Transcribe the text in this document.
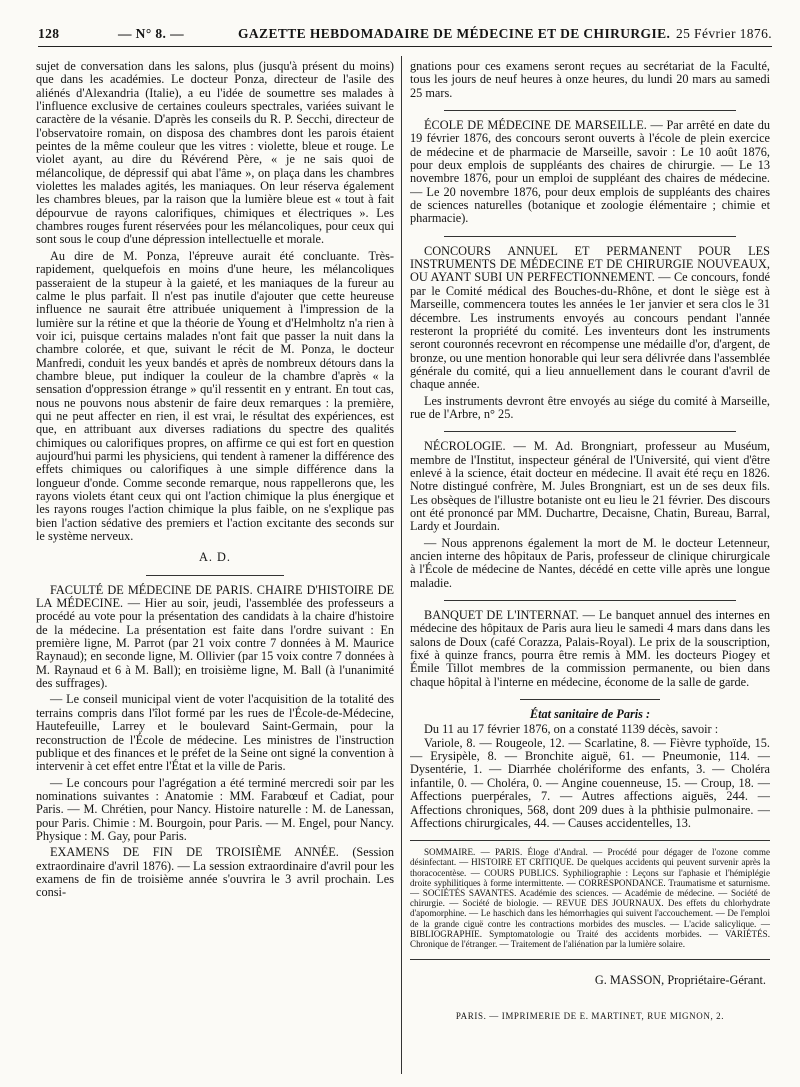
128	— N° 8. —	GAZETTE HEBDOMADAIRE DE MÉDECINE ET DE CHIRURGIE. 25 Février 1876.

sujet de conversation dans les salons, plus (jusqu'à présent du moins) que dans les académies. Le docteur Ponza, directeur de l'asile des aliénés d'Alexandria (Italie), a eu l'idée de soumettre ses malades à l'influence exclusive de certaines couleurs spectrales, variées suivant le caractère de la vésanie. D'après les conseils du R. P. Secchi, directeur de l'observatoire romain, on disposa des chambres dont les parois étaient peintes de la même couleur que les vitres : violette, bleue et rouge. Le violet ayant, au dire du Révérend Père, « je ne sais quoi de mélancolique, de dépressif qui abat l'âme », on plaça dans les chambres violettes les malades agités, les maniaques. On leur réserva également les chambres bleues, par la raison que la lumière bleue est « tout à fait dépourvue de rayons calorifiques, chimiques et électriques ». Les chambres rouges furent réservées pour les mélancoliques, pour ceux qui sont sous le coup d'une dépression intellectuelle et morale.

Au dire de M. Ponza, l'épreuve aurait été concluante. Très-rapidement, quelquefois en moins d'une heure, les mélancoliques passeraient de la stupeur à la gaieté, et les maniaques de la fureur au calme le plus parfait. Il n'est pas inutile d'ajouter que cette heureuse influence ne saurait être attribuée uniquement à l'impression de la lumière sur la rétine et que la théorie de Young et d'Helmholtz n'a rien à voir ici, puisque certains malades n'ont fait que passer la nuit dans la chambre colorée, et que, suivant le récit de M. Ponza, le docteur Manfredi, conduit les yeux bandés et après de nombreux détours dans la chambre bleue, put indiquer la couleur de la chambre d'après « la sensation d'oppression étrange » qu'il ressentit en y entrant. En tout cas, nous ne pouvons nous abstenir de faire deux remarques : la première, qui ne peut affecter en rien, il est vrai, le résultat des expériences, est que, en attribuant aux diverses radiations du spectre des qualités chimiques ou calorifiques propres, on affirme ce qui est fort en question aujourd'hui parmi les physiciens, qui tendent à ramener la différence des effets chimiques ou calorifiques à une simple différence dans la longueur d'onde. Comme seconde remarque, nous rappellerons que, les rayons violets étant ceux qui ont l'action chimique la plus énergique et les rayons rouges l'action chimique la plus faible, on ne s'explique pas bien l'action sédative des premiers et l'action excitante des seconds sur le système nerveux.

A. D.

FACULTÉ DE MÉDECINE DE PARIS. CHAIRE D'HISTOIRE DE LA MÉDECINE. — Hier au soir, jeudi, l'assemblée des professeurs a procédé au vote pour la présentation des candidats à la chaire d'histoire de la médecine. La présentation est faite dans l'ordre suivant : En première ligne, M. Parrot (par 21 voix contre 7 données à M. Maurice Raynaud); en seconde ligne, M. Ollivier (par 15 voix contre 7 données à M. Raynaud et 6 à M. Ball); en troisième ligne, M. Ball (à l'unanimité des suffrages).

— Le conseil municipal vient de voter l'acquisition de la totalité des terrains compris dans l'îlot formé par les rues de l'École-de-Médecine, Hautefeuille, Larrey et le boulevard Saint-Germain, pour la reconstruction de l'École de médecine. Les ministres de l'instruction publique et des finances et le préfet de la Seine ont signé la convention à intervenir à cet effet entre l'État et la ville de Paris.

— Le concours pour l'agrégation a été terminé mercredi soir par les nominations suivantes : Anatomie : MM. Farabœuf et Cadiat, pour Paris. — M. Chrétien, pour Nancy. Histoire naturelle : M. de Lanessan, pour Paris. Chimie : M. Bourgoin, pour Paris. — M. Engel, pour Nancy. Physique : M. Gay, pour Paris.

EXAMENS DE FIN DE TROISIÈME ANNÉE. (Session extraordinaire d'avril 1876). — La session extraordinaire d'avril pour les examens de fin de troisième année s'ouvrira le 3 avril prochain. Les consi-

gnations pour ces examens seront reçues au secrétariat de la Faculté, tous les jours de neuf heures à onze heures, du lundi 20 mars au samedi 25 mars.

ÉCOLE DE MÉDECINE DE MARSEILLE. — Par arrêté en date du 19 février 1876, des concours seront ouverts à l'école de plein exercice de médecine et de pharmacie de Marseille, savoir : Le 10 août 1876, pour deux emplois de suppléants des chaires de chirurgie. — Le 13 novembre 1876, pour un emploi de suppléant des chaires de médecine. — Le 20 novembre 1876, pour deux emplois de suppléants des chaires de sciences naturelles (botanique et zoologie élémentaire ; chimie et pharmacie).

CONCOURS ANNUEL ET PERMANENT POUR LES INSTRUMENTS DE MÉDECINE ET DE CHIRURGIE NOUVEAUX, OU AYANT SUBI UN PERFECTIONNEMENT. — Ce concours, fondé par le Comité médical des Bouches-du-Rhône, et dont le siège est à Marseille, commencera toutes les années le 1er janvier et sera clos le 31 décembre. Les instruments envoyés au concours pendant l'année resteront la propriété du comité. Les inventeurs dont les instruments seront couronnés recevront en récompense une médaille d'or, d'argent, de bronze, ou une mention honorable qui leur sera délivrée dans l'assemblée générale du comité, qui a lieu annuellement dans le courant d'avril de chaque année.

Les instruments devront être envoyés au siége du comité à Marseille, rue de l'Arbre, n° 25.

NÉCROLOGIE. — M. Ad. Brongniart, professeur au Muséum, membre de l'Institut, inspecteur général de l'Université, qui vient d'être enlevé à la science, était docteur en médecine. Il avait été reçu en 1826. Notre distingué confrère, M. Jules Brongniart, est un de ses deux fils. Les obsèques de l'illustre botaniste ont eu lieu le 21 février. Des discours ont été prononcé par MM. Duchartre, Decaisne, Chatin, Bureau, Barral, Lardy et Jourdain.

— Nous apprenons également la mort de M. le docteur Letenneur, ancien interne des hôpitaux de Paris, professeur de clinique chirurgicale à l'École de médecine de Nantes, décédé en cette ville après une longue maladie.

BANQUET DE L'INTERNAT. — Le banquet annuel des internes en médecine des hôpitaux de Paris aura lieu le samedi 4 mars dans dans les salons de Doux (café Corazza, Palais-Royal). Le prix de la souscription, fixé à quinze francs, pourra être remis à MM. les docteurs Piogey et Émile Tillot membres de la commission permanente, ou bien dans chaque hôpital à l'interne en médecine, économe de la salle de garde.

État sanitaire de Paris :

Du 11 au 17 février 1876, on a constaté 1139 décès, savoir :

Variole, 8. — Rougeole, 12. — Scarlatine, 8. — Fièvre typhoïde, 15. — Erysipèle, 8. — Bronchite aiguë, 61. — Pneumonie, 114. — Dysentérie, 1. — Diarrhée cholériforme des enfants, 3. — Choléra infantile, 0. — Choléra, 0. — Angine couenneuse, 15. — Croup, 18. — Affections puerpérales, 7. — Autres affections aiguës, 244. — Affections chroniques, 568, dont 209 dues à la phthisie pulmonaire. — Affections chirurgicales, 44. — Causes accidentelles, 13.

SOMMAIRE. — PARIS. Éloge d'Andral. — Procédé pour dégager de l'ozone comme désinfectant. — HISTOIRE ET CRITIQUE. De quelques accidents qui peuvent survenir après la thoracocentèse. — COURS PUBLICS. Syphiliographie : Leçons sur l'aphasie et l'hémiplégie droite syphilitiques à forme intermittente. — CORRESPONDANCE. Traumatisme et saturnisme. — SOCIÉTÉS SAVANTES. Académie des sciences. — Académie de médecine. — Société de chirurgie. — Société de biologie. — REVUE DES JOURNAUX. Des effets du chlorhydrate d'apomorphine. — Le haschich dans les hémorrhagies qui suivent l'accouchement. — De l'emploi de la grande ciguë contre les contractions morbides des muscles. — L'acide salicylique. — BIBLIOGRAPHIE. Symptomatologie ou Traité des accidents morbides. — VARIÉTÉS. Chronique de l'étranger. — Traitement de l'aliénation par la lumière solaire.

G. MASSON, Propriétaire-Gérant.

PARIS. — IMPRIMERIE DE E. MARTINET, RUE MIGNON, 2.
